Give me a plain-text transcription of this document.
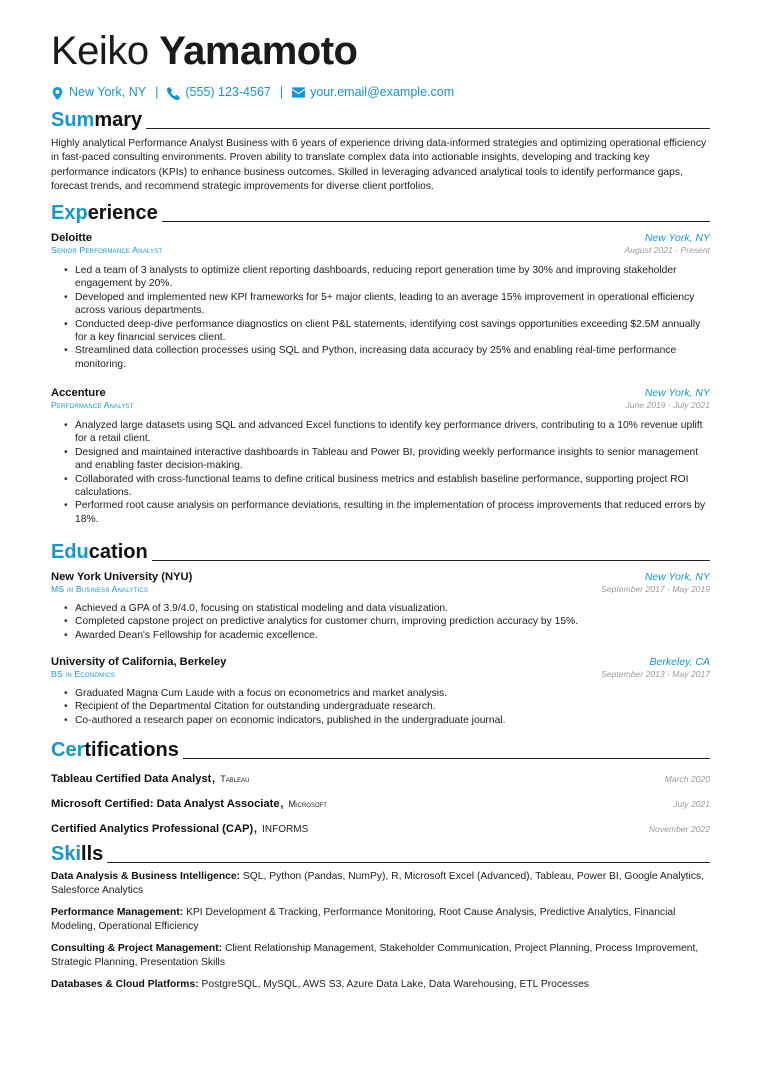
Keiko Yamamoto
New York, NY | (555) 123-4567 | your.email@example.com
Summary

Highly analytical Performance Analyst Business with 6 years of experience driving data-informed strategies and optimizing operational efficiency in fast-paced consulting environments. Proven ability to translate complex data into actionable insights, developing and tracking key performance indicators (KPIs) to enhance business outcomes. Skilled in leveraging advanced analytical tools to identify performance gaps, forecast trends, and recommend strategic improvements for diverse client portfolios.

Experience
Deloitte	New York, NY
Senior Performance Analyst	August 2021 - Present
• Led a team of 3 analysts to optimize client reporting dashboards, reducing report generation time by 30% and improving stakeholder engagement by 20%.
• Developed and implemented new KPI frameworks for 5+ major clients, leading to an average 15% improvement in operational efficiency across various departments.
• Conducted deep-dive performance diagnostics on client P&L statements, identifying cost savings opportunities exceeding $2.5M annually for a key financial services client.
• Streamlined data collection processes using SQL and Python, increasing data accuracy by 25% and enabling real-time performance monitoring.
Accenture	New York, NY
Performance Analyst	June 2019 - July 2021
• Analyzed large datasets using SQL and advanced Excel functions to identify key performance drivers, contributing to a 10% revenue uplift for a retail client.
• Designed and maintained interactive dashboards in Tableau and Power BI, providing weekly performance insights to senior management and enabling faster decision-making.
• Collaborated with cross-functional teams to define critical business metrics and establish baseline performance, supporting project ROI calculations.
• Performed root cause analysis on performance deviations, resulting in the implementation of process improvements that reduced errors by 18%.
Education
New York University (NYU)	New York, NY
MS in Business Analytics	September 2017 - May 2019
• Achieved a GPA of 3.9/4.0, focusing on statistical modeling and data visualization.
• Completed capstone project on predictive analytics for customer churn, improving prediction accuracy by 15%.
• Awarded Dean's Fellowship for academic excellence.
University of California, Berkeley	Berkeley, CA
BS in Economics	September 2013 - May 2017
• Graduated Magna Cum Laude with a focus on econometrics and market analysis.
• Recipient of the Departmental Citation for outstanding undergraduate research.
• Co-authored a research paper on economic indicators, published in the undergraduate journal.
Certifications
Tableau Certified Data Analyst, Tableau	March 2020
Microsoft Certified: Data Analyst Associate, Microsoft	July 2021
Certified Analytics Professional (CAP), INFORMS	November 2022
Skills

Data Analysis & Business Intelligence: SQL, Python (Pandas, NumPy), R, Microsoft Excel (Advanced), Tableau, Power BI, Google Analytics, Salesforce Analytics

Performance Management: KPI Development & Tracking, Performance Monitoring, Root Cause Analysis, Predictive Analytics, Financial Modeling, Operational Efficiency

Consulting & Project Management: Client Relationship Management, Stakeholder Communication, Project Planning, Process Improvement, Strategic Planning, Presentation Skills

Databases & Cloud Platforms: PostgreSQL, MySQL, AWS S3, Azure Data Lake, Data Warehousing, ETL Processes
